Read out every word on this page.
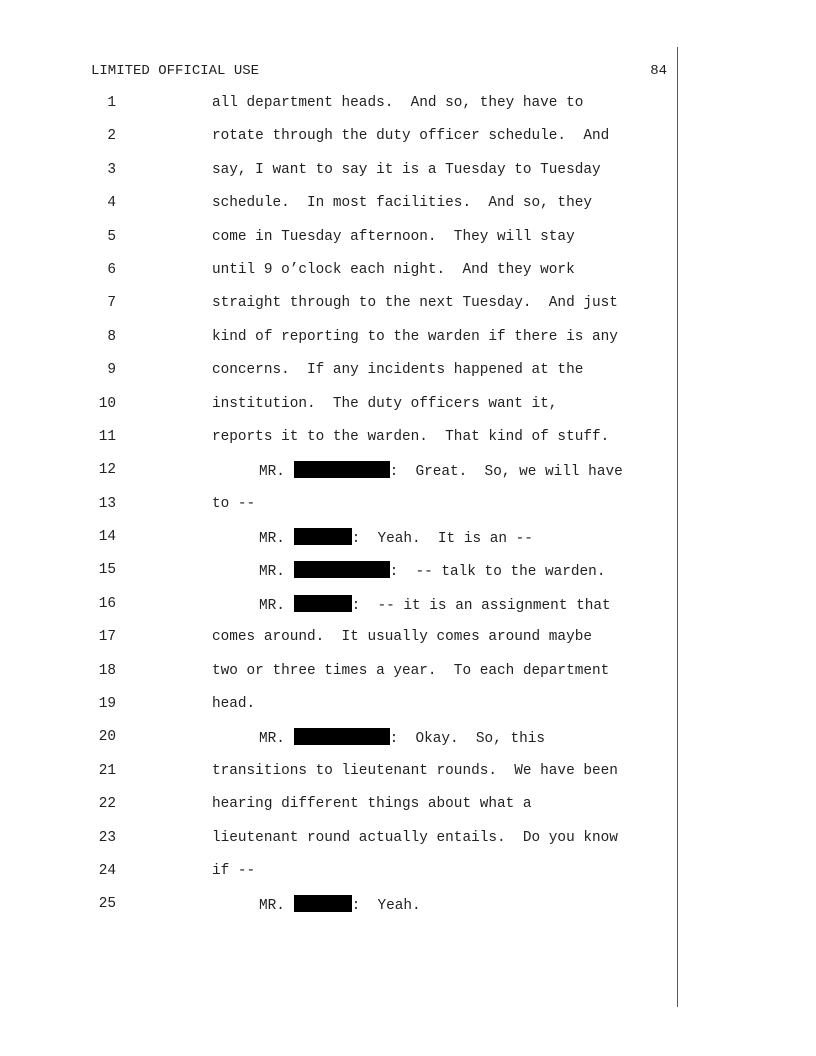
LIMITED OFFICIAL USE	84
1	all department heads.  And so, they have to
2	rotate through the duty officer schedule.  And
3	say, I want to say it is a Tuesday to Tuesday
4	schedule.  In most facilities.  And so, they
5	come in Tuesday afternoon.  They will stay
6	until 9 o’clock each night.  And they work
7	straight through to the next Tuesday.  And just
8	kind of reporting to the warden if there is any
9	concerns.  If any incidents happened at the
10	institution.  The duty officers want it,
11	reports it to the warden.  That kind of stuff.
12	MR.	:  Great.  So, we will have
13	to --
14	MR.	:  Yeah.  It is an --
15	MR.	:  -- talk to the warden.
16	MR.	:  -- it is an assignment that
17	comes around.  It usually comes around maybe
18	two or three times a year.  To each department
19	head.
20	MR.	:  Okay.  So, this
21	transitions to lieutenant rounds.  We have been
22	hearing different things about what a
23	lieutenant round actually entails.  Do you know
24	if --
25	MR.	:  Yeah.
